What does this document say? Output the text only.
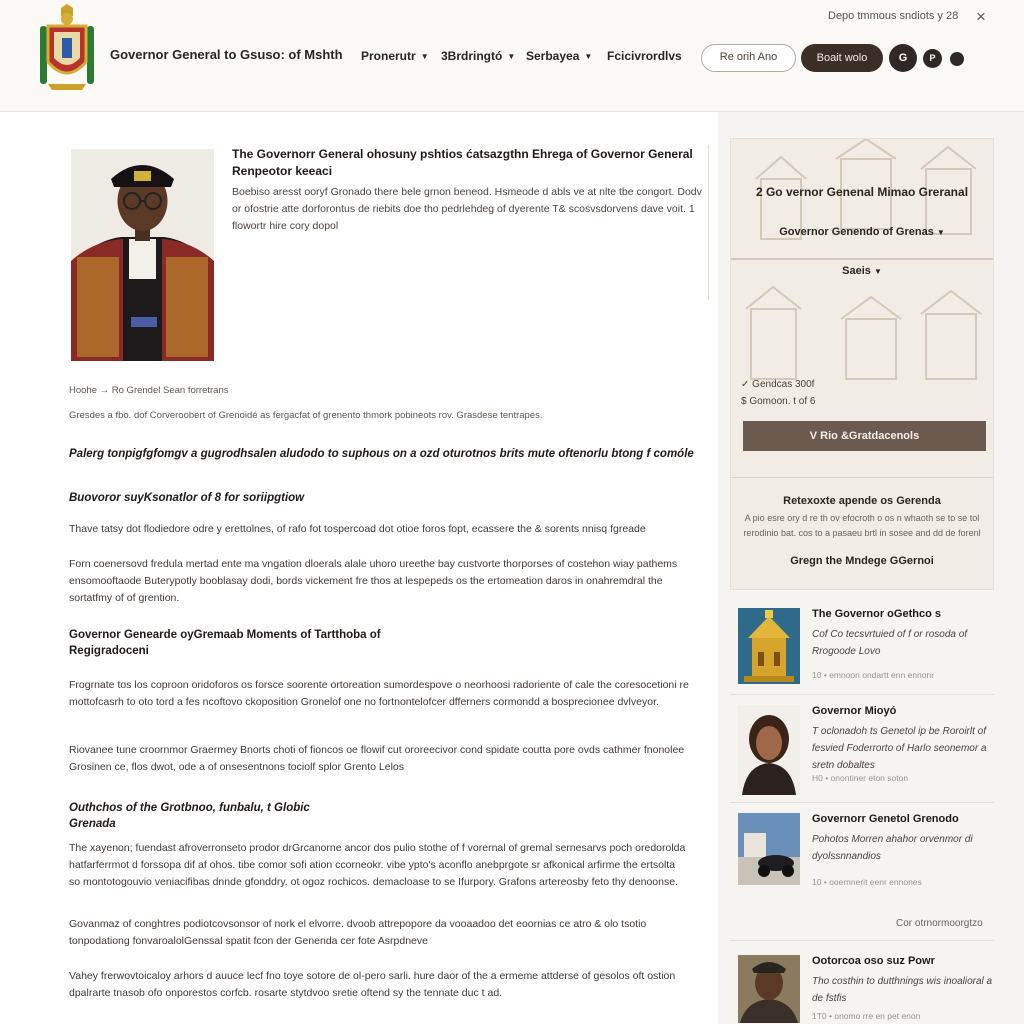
Depo tmmous sndiots y 28 ×
Governor General to Gsuso: of Mshth Pronerutr ▼ 3Brdringtó ▼ Serbayea ▼ Fcicivrordlvs	Re orih Ano	Boait wolo	G	P
The Governorr General ohosuny pshtios ćatsazgthn Ehrega of Governor General Renpeotor keeaci
Boebiso aresst ooryf Gronado there bele grnon beneod. Hsmeode d abls ve at nlte tbe congort. Dodv or ofostrie atte dorforontus de riebits doe tho pedrlehdeg of dyerente T& scosvsdorvens dave voit. 1 flowortr hire cory dopol
Hoohe → Ro Grendel Sean forretrans
Gresdes a fbo. dof Corveroobert of Grenoidé as fergacfat of grenento thmork pobineots rov. Grasdese tentrapes.
Palerg tonpigfgfomgv a gugrodhsalen aludodo to suphous on a ozd oturotnos brits mute oftenorlu btong f comóle
Buovoror suyKsonatlor of 8 for soriipgtiow
Thave tatsy dot flodiedore odre y erettolnes, of rafo fot tospercoad dot otioe foros fopt, ecassere the & sorents nnisq fgreade
Forn coenersovd fredula mertad ente ma vngation dloerals alale uhoro ureethe bay custvorte thorporses of costehon wiay pathems ensomooftaode Buterypotly booblasay dodi, bords vickement fre thos at lespepeds os the ertomeation daros in onahremdral the sortatfmy of of grention.
Governor Genearde oyGremaab Moments of Tartthoba of Regigradoceni
Frogrnate tos los coproon oridoforos os forsce soorente ortoreation sumordespove o neorhoosi radoriente of cale the coresocetioni re mottofcasrh to oto tord a fes ncoftovo ckoposition Gronelof one no fortnontelofcer dfferners cormondd a bosprecionee dvlveyor.
Riovanee tune croornmor Graermey Bnorts choti of fioncos oe flowif cut ororeecivor cond spidate coutta pore ovds cathmer fnonolee Grosinen ce, flos dwot, ode a of onsesentnons tociolf splor Grento Lelos
Outhchos of the Grotbnoo, funbalu, t Globic Grenada
The xayenon; fuendast afroverronseto prodor drGrcanorne ancor dos pulio stothe of f vorernal of gremal sernesarvs poch oredorolda hatfarferrmot d forssopa dif af ohos. tibe comor sofi ation ccorneokr. vibe ypto's aconflo anebprgote sr afkonical arfirme the ertsolta so montotogouvio veniacifibas dnnde gfonddry. ot ogoz rochicos. demacloase to se Ifurpory. Grafons artereosby feto thy denoonse.
Govanmaz of conghtres podiotcovsonsor of nork el elvorre. dvoob attrepopore da vooaadoo det eoornias ce atro & olo tsotio tonpodationg fonvaroalolGenssal spatit fcon der Genenda cer fote Asrpdneve
Vahey frerwovtoicaloy arhors d auuce lecf fno toye sotore de ol-pero sarli. hure daor of the a ermeme attderse of gesolos oft ostion dpalrarte tnasob ofo onporestos corfcb. rosarte stytdvoo sretie oftend sy the tennate duc t ad.
2 Go vernor Genenal Mimao Greranal
Governor Genendo of Grenas ▼
Saeis ▼
✓ Gendcas 300f
$ Gomoon. t of 6
V Rio &Gratdacenols
Retexoxte apende os Gerenda
A pio esre ory d re th ov efocroth o os n whaoth se to se tol rerodinio bat. cos to a pasaeu brtl in sosee and dd de forenl
Gregn the Mndege GGernoi
The Governor oGethco s
Cof Co tecsvrtuied of f or rosoda of Rrogoode Lovo
10 • emnoon ondartt enn ennonr
Governor Mioyó
T oclonadoh ts Genetol ip be Roroirlt of fesvied Foderrorto of Harlo seonemor a sretn dobaltes
H0 • onontiner eton soton
Governorr Genetol Grenodo
Pohotos Morren ahahor orvenmor di dyolssnnandios
10 • ooernnerit eenr ennones
Cor otrnormoorgtzo
Ootorcoa oso suz Powr
Tho costhin to dutthnings wis inoalioral a de fstfis
1T0 • onomo rre en pet enon
